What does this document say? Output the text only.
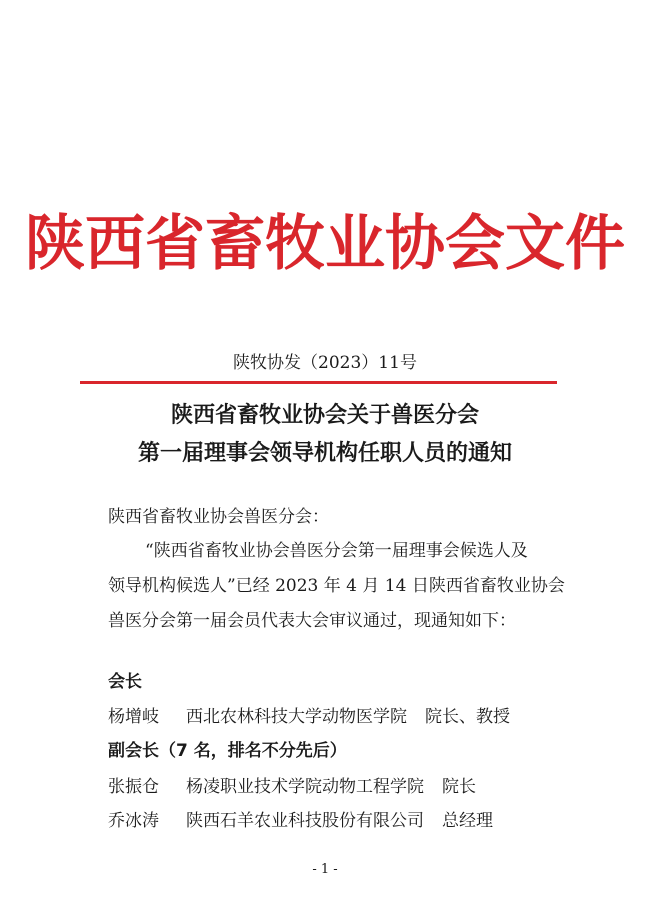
陕西省畜牧业协会文件
陕牧协发（2023）11号
陕西省畜牧业协会关于兽医分会
第一届理事会领导机构任职人员的通知
陕西省畜牧业协会兽医分会：
“陕西省畜牧业协会兽医分会第一届理事会候选人及
领导机构候选人”已经 2023 年 4 月 14 日陕西省畜牧业协会
兽医分会第一届会员代表大会审议通过，现通知如下：
会长
杨增岐 西北农林科技大学动物医学院 院长、教授
副会长（7 名，排名不分先后）
张振仓 杨凌职业技术学院动物工程学院 院长
乔冰涛 陕西石羊农业科技股份有限公司 总经理
- 1 -
